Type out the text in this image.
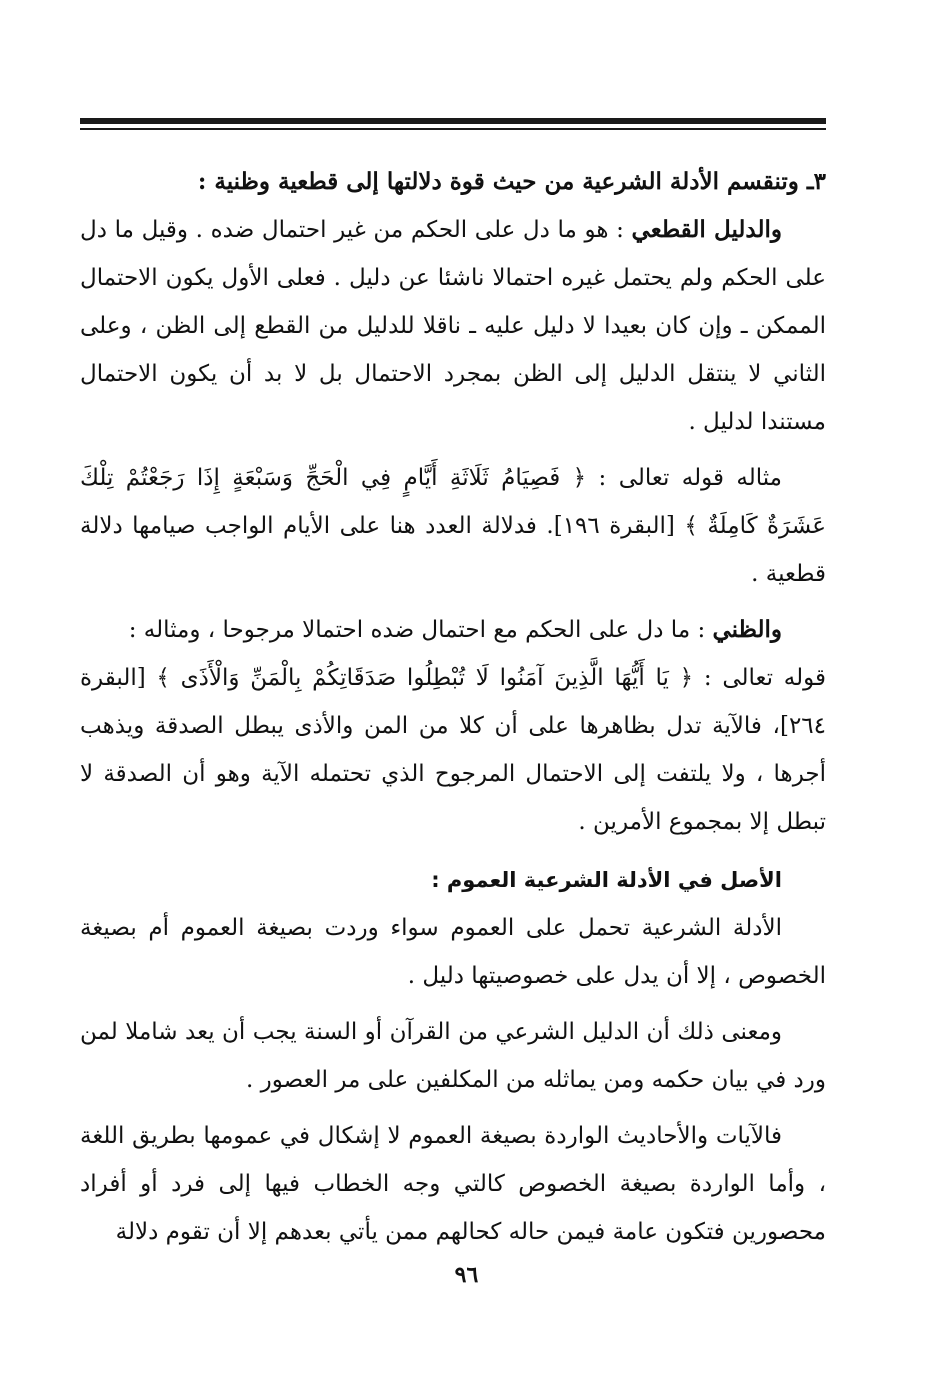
٣ـ وتنقسم الأدلة الشرعية من حيث قوة دلالتها إلى قطعية وظنية :

والدليل القطعي : هو ما دل على الحكم من غير احتمال ضده . وقيل ما دل على الحكم ولم يحتمل غيره احتمالا ناشئا عن دليل . فعلى الأول يكون الاحتمال الممكن ـ وإن كان بعيدا لا دليل عليه ـ ناقلا للدليل من القطع إلى الظن ، وعلى الثاني لا ينتقل الدليل إلى الظن بمجرد الاحتمال بل لا بد أن يكون الاحتمال مستندا لدليل .

مثاله قوله تعالى : ﴿ فَصِيَامُ ثَلَاثَةِ أَيَّامٍ فِي الْحَجِّ وَسَبْعَةٍ إِذَا رَجَعْتُمْ تِلْكَ عَشَرَةٌ كَامِلَةٌ ﴾ [البقرة ١٩٦]. فدلالة العدد هنا على الأيام الواجب صيامها دلالة قطعية .

والظني : ما دل على الحكم مع احتمال ضده احتمالا مرجوحا ، ومثاله :

قوله تعالى : ﴿ يَا أَيُّهَا الَّذِينَ آمَنُوا لَا تُبْطِلُوا صَدَقَاتِكُمْ بِالْمَنِّ وَالْأَذَى ﴾ [البقرة ٢٦٤]، فالآية تدل بظاهرها على أن كلا من المن والأذى يبطل الصدقة ويذهب أجرها ، ولا يلتفت إلى الاحتمال المرجوح الذي تحتمله الآية وهو أن الصدقة لا تبطل إلا بمجموع الأمرين .

الأصل في الأدلة الشرعية العموم :

الأدلة الشرعية تحمل على العموم سواء وردت بصيغة العموم أم بصيغة الخصوص ، إلا أن يدل على خصوصيتها دليل .

ومعنى ذلك أن الدليل الشرعي من القرآن أو السنة يجب أن يعد شاملا لمن ورد في بيان حكمه ومن يماثله من المكلفين على مر العصور .

فالآيات والأحاديث الواردة بصيغة العموم لا إشكال في عمومها بطريق اللغة ، وأما الواردة بصيغة الخصوص كالتي وجه الخطاب فيها إلى فرد أو أفراد محصورين فتكون عامة فيمن حاله كحالهم ممن يأتي بعدهم إلا أن تقوم دلالة

٩٦
